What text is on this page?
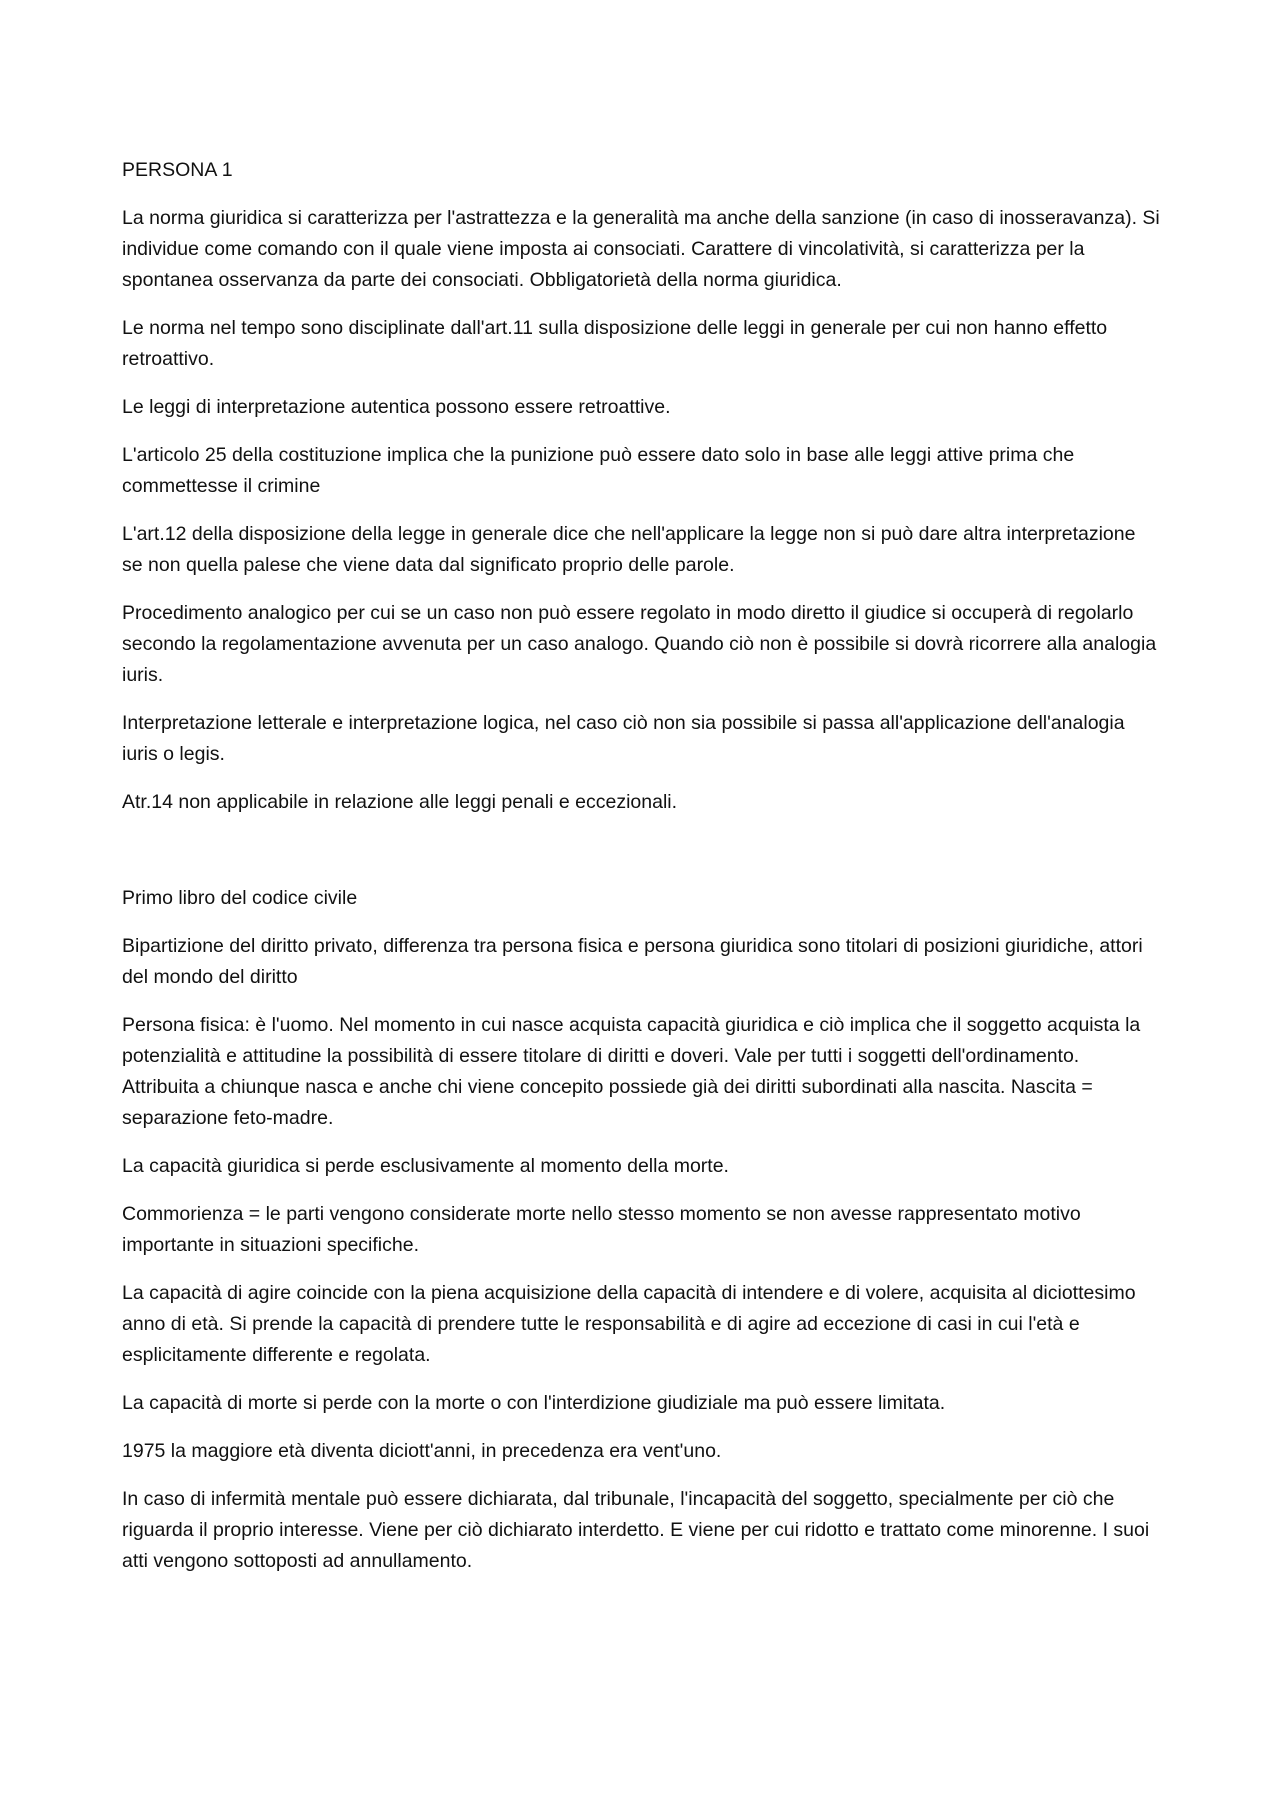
PERSONA 1

La norma giuridica si caratterizza per l'astrattezza e la generalità ma anche della sanzione (in caso di inosseravanza). Si individue come comando con il quale viene imposta ai consociati. Carattere di vincolatività, si caratterizza per la spontanea osservanza da parte dei consociati. Obbligatorietà della norma giuridica.

Le norma nel tempo sono disciplinate dall'art.11 sulla disposizione delle leggi in generale per cui non hanno effetto retroattivo.

Le leggi di interpretazione autentica possono essere retroattive.

L'articolo 25 della costituzione implica che la punizione può essere dato solo in base alle leggi attive prima che commettesse il crimine

L'art.12 della disposizione della legge in generale dice che nell'applicare la legge non si può dare altra interpretazione se non quella palese che viene data dal significato proprio delle parole.

Procedimento analogico per cui se un caso non può essere regolato in modo diretto il giudice si occuperà di regolarlo secondo la regolamentazione avvenuta per un caso analogo. Quando ciò non è possibile si dovrà ricorrere alla analogia iuris.

Interpretazione letterale e interpretazione logica, nel caso ciò non sia possibile si passa all'applicazione dell'analogia iuris o legis.

Atr.14 non applicabile in relazione alle leggi penali e eccezionali.

Primo libro del codice civile

Bipartizione del diritto privato, differenza tra persona fisica e persona giuridica sono titolari di posizioni giuridiche, attori del mondo del diritto

Persona fisica: è l'uomo. Nel momento in cui nasce acquista capacità giuridica e ciò implica che il soggetto acquista la potenzialità e attitudine la possibilità di essere titolare di diritti e doveri. Vale per tutti i soggetti dell'ordinamento. Attribuita a chiunque nasca e anche chi viene concepito possiede già dei diritti subordinati alla nascita. Nascita = separazione feto-madre.

La capacità giuridica si perde esclusivamente al momento della morte.

Commorienza = le parti vengono considerate morte nello stesso momento se non avesse rappresentato motivo importante in situazioni specifiche.

La capacità di agire coincide con la piena acquisizione della capacità di intendere e di volere, acquisita al diciottesimo anno di età. Si prende la capacità di prendere tutte le responsabilità e di agire ad eccezione di casi in cui l'età e esplicitamente differente e regolata.

La capacità di morte si perde con la morte o con l'interdizione giudiziale ma può essere limitata.

1975 la maggiore età diventa diciott'anni, in precedenza era vent'uno.

In caso di infermità mentale può essere dichiarata, dal tribunale, l'incapacità del soggetto, specialmente per ciò che riguarda il proprio interesse. Viene per ciò dichiarato interdetto. E viene per cui ridotto e trattato come minorenne. I suoi atti vengono sottoposti ad annullamento.
